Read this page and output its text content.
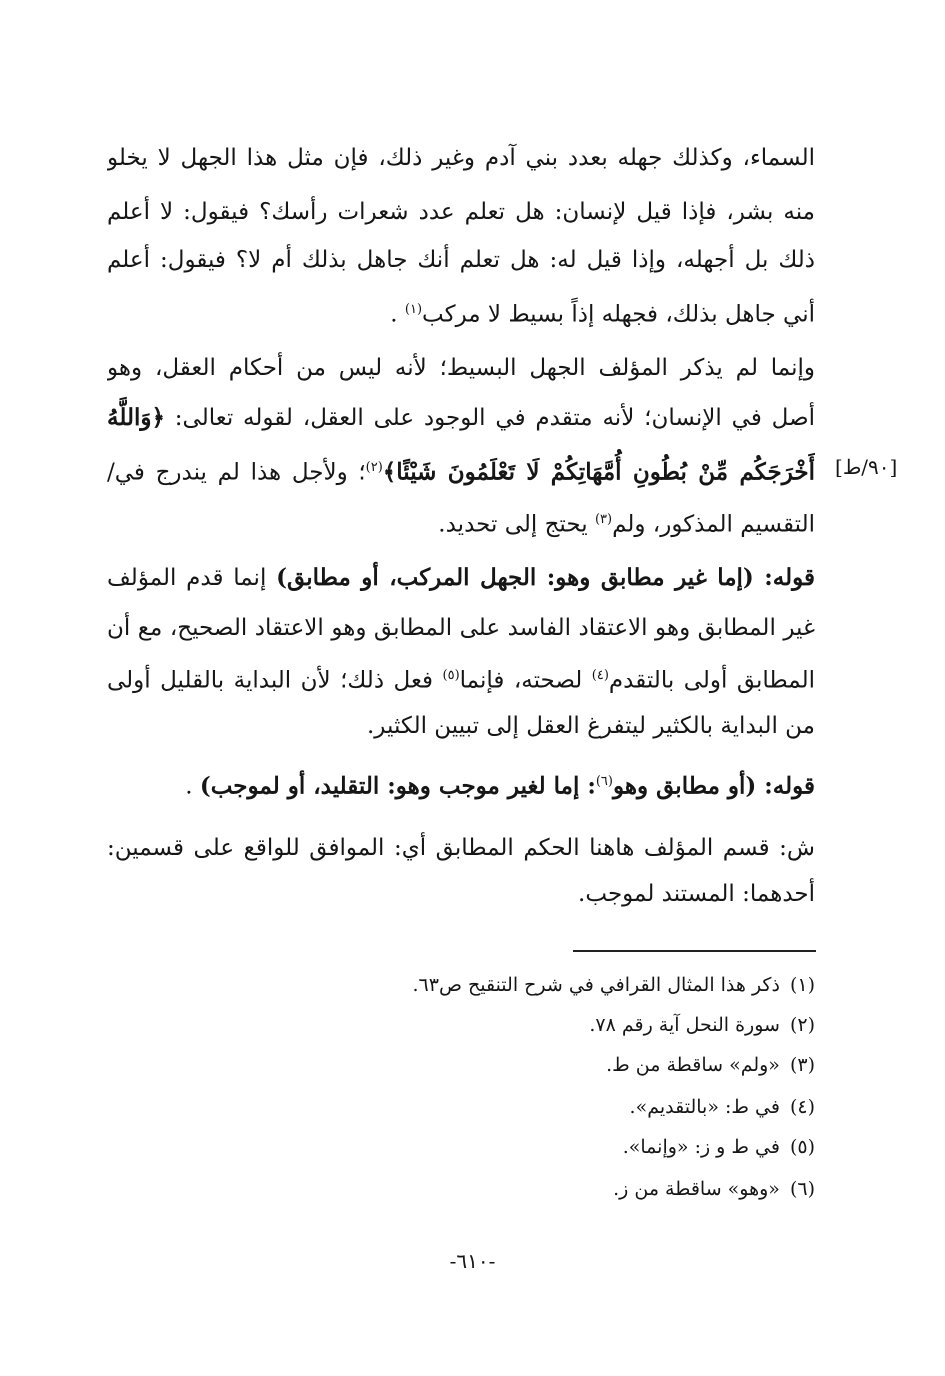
السماء، وكذلك جهله بعدد بني آدم وغير ذلك، فإن مثل هذا الجهل لا يخلو
منه بشر، فإذا قيل لإنسان: هل تعلم عدد شعرات رأسك؟ فيقول: لا أعلم
ذلك بل أجهله، وإذا قيل له: هل تعلم أنك جاهل بذلك أم لا؟ فيقول: أعلم
أني جاهل بذلك، فجهله إذاً بسيط لا مركب$^{(١)}$ .
وإنما لم يذكر المؤلف الجهل البسيط؛ لأنه ليس من أحكام العقل، وهو
أصل في الإنسان؛ لأنه متقدم في الوجود على العقل، لقوله تعالى: ﴿وَاللَّهُ
أَخْرَجَكُم مِّنْ بُطُونِ أُمَّهَاتِكُمْ لَا تَعْلَمُونَ شَيْئًا﴾$^{(٢)}$؛ ولأجل هذا لم يندرج في/
التقسيم المذكور، ولم$^{(٣)}$ يحتج إلى تحديد.
[٩٠/ط]
قوله: (إما غير مطابق وهو: الجهل المركب، أو مطابق) إنما قدم المؤلف
غير المطابق وهو الاعتقاد الفاسد على المطابق وهو الاعتقاد الصحيح، مع أن
المطابق أولى بالتقدم$^{(٤)}$ لصحته، فإنما$^{(٥)}$ فعل ذلك؛ لأن البداية بالقليل أولى
من البداية بالكثير ليتفرغ العقل إلى تبيين الكثير.
قوله: (أو مطابق وهو$^{(٦)}$: إما لغير موجب وهو: التقليد، أو لموجب) .
ش: قسم المؤلف هاهنا الحكم المطابق أي: الموافق للواقع على قسمين:
أحدهما: المستند لموجب.
(١)ذكر هذا المثال القرافي في شرح التنقيح ص٦٣.
(٢)سورة النحل آية رقم ٧٨.
(٣)«ولم» ساقطة من ط.
(٤)في ط: «بالتقديم».
(٥)في ط و ز: «وإنما».
(٦)«وهو» ساقطة من ز.
-٦١٠-
